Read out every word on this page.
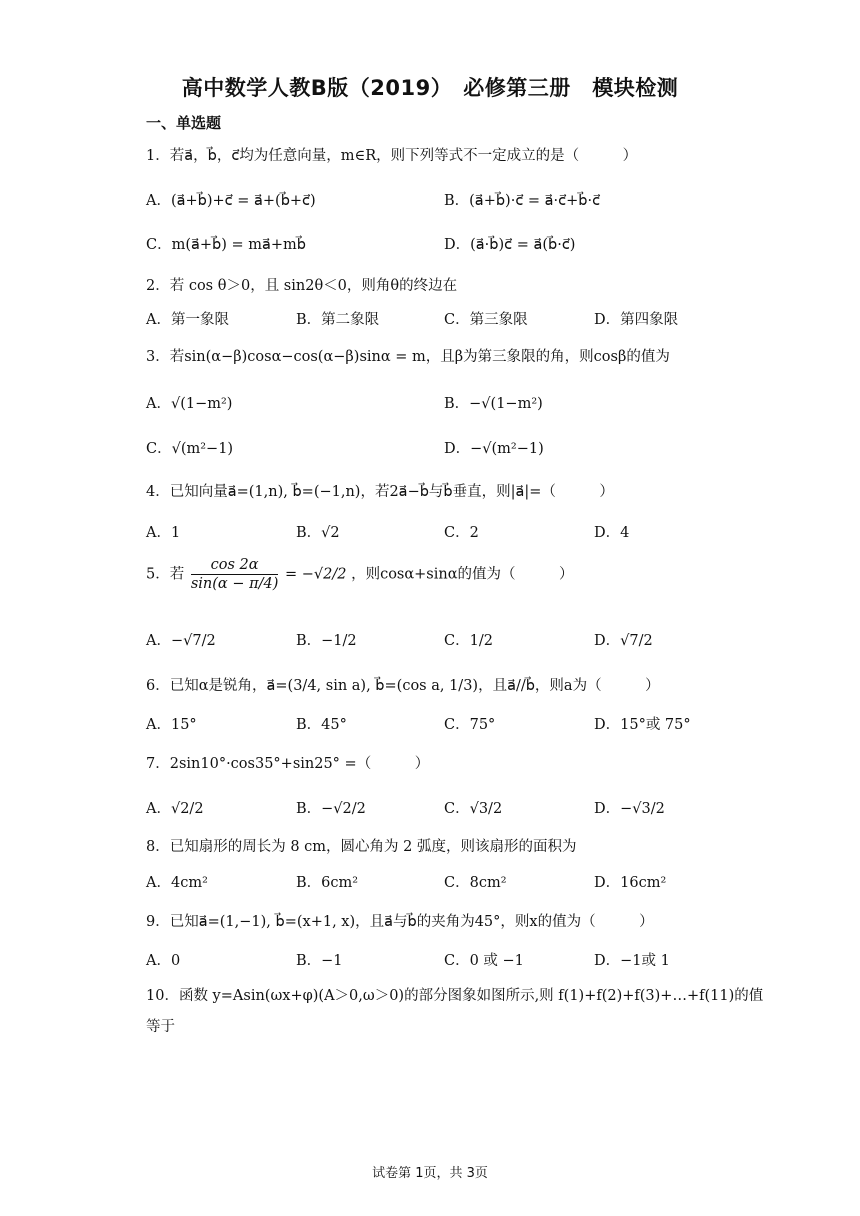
高中数学人教B版（2019）　必修第三册　模块检测
一、单选题
1．若a⃗，b⃗，c⃗均为任意向量，m∈R，则下列等式不一定成立的是（　　　）
A．(a⃗+b⃗)+c⃗ = a⃗+(b⃗+c⃗)	B．(a⃗+b⃗)·c⃗ = a⃗·c⃗+b⃗·c⃗
C．m(a⃗+b⃗) = ma⃗+mb⃗	D．(a⃗·b⃗)c⃗ = a⃗(b⃗·c⃗)
2．若 cos θ＞0，且 sin2θ＜0，则角θ的终边在
A．第一象限	B．第二象限	C．第三象限	D．第四象限
3．若sin(α−β)cosα−cos(α−β)sinα = m，且β为第三象限的角，则cosβ的值为
A．√(1−m²)	B．−√(1−m²)
C．√(m²−1)	D．−√(m²−1)
4．已知向量a⃗=(1,n), b⃗=(−1,n)，若2a⃗−b⃗与b⃗垂直，则|a⃗|=（　　　）
A．1	B．√2	C．2	D．4
5．若 $\frac{\cos 2\alpha}{\sin(\alpha - \pi/4)} = -√2/2$ ，则cosα+sinα的值为（　　　）
A．−√7/2	B．−1/2	C．1/2	D．√7/2
6．已知α是锐角，a⃗=(3/4, sin a), b⃗=(cos a, 1/3)，且a⃗//b⃗，则a为（　　　）
A．15°	B．45°	C．75°	D．15°或 75°
7．2sin10°·cos35°+sin25° =（　　　）
A．√2/2	B．−√2/2	C．√3/2	D．−√3/2
8．已知扇形的周长为 8 cm，圆心角为 2 弧度，则该扇形的面积为
A．4cm²	B．6cm²	C．8cm²	D．16cm²
9．已知a⃗=(1,−1), b⃗=(x+1, x)，且a⃗与b⃗的夹角为45°，则x的值为（　　　）
A．0	B．−1	C．0 或 −1	D．−1或 1
10．函数 y=Asin(ωx+φ)(A＞0,ω＞0)的部分图象如图所示,则 f(1)+f(2)+f(3)+…+f(11)的值
等于
试卷第 1页，共 3页
